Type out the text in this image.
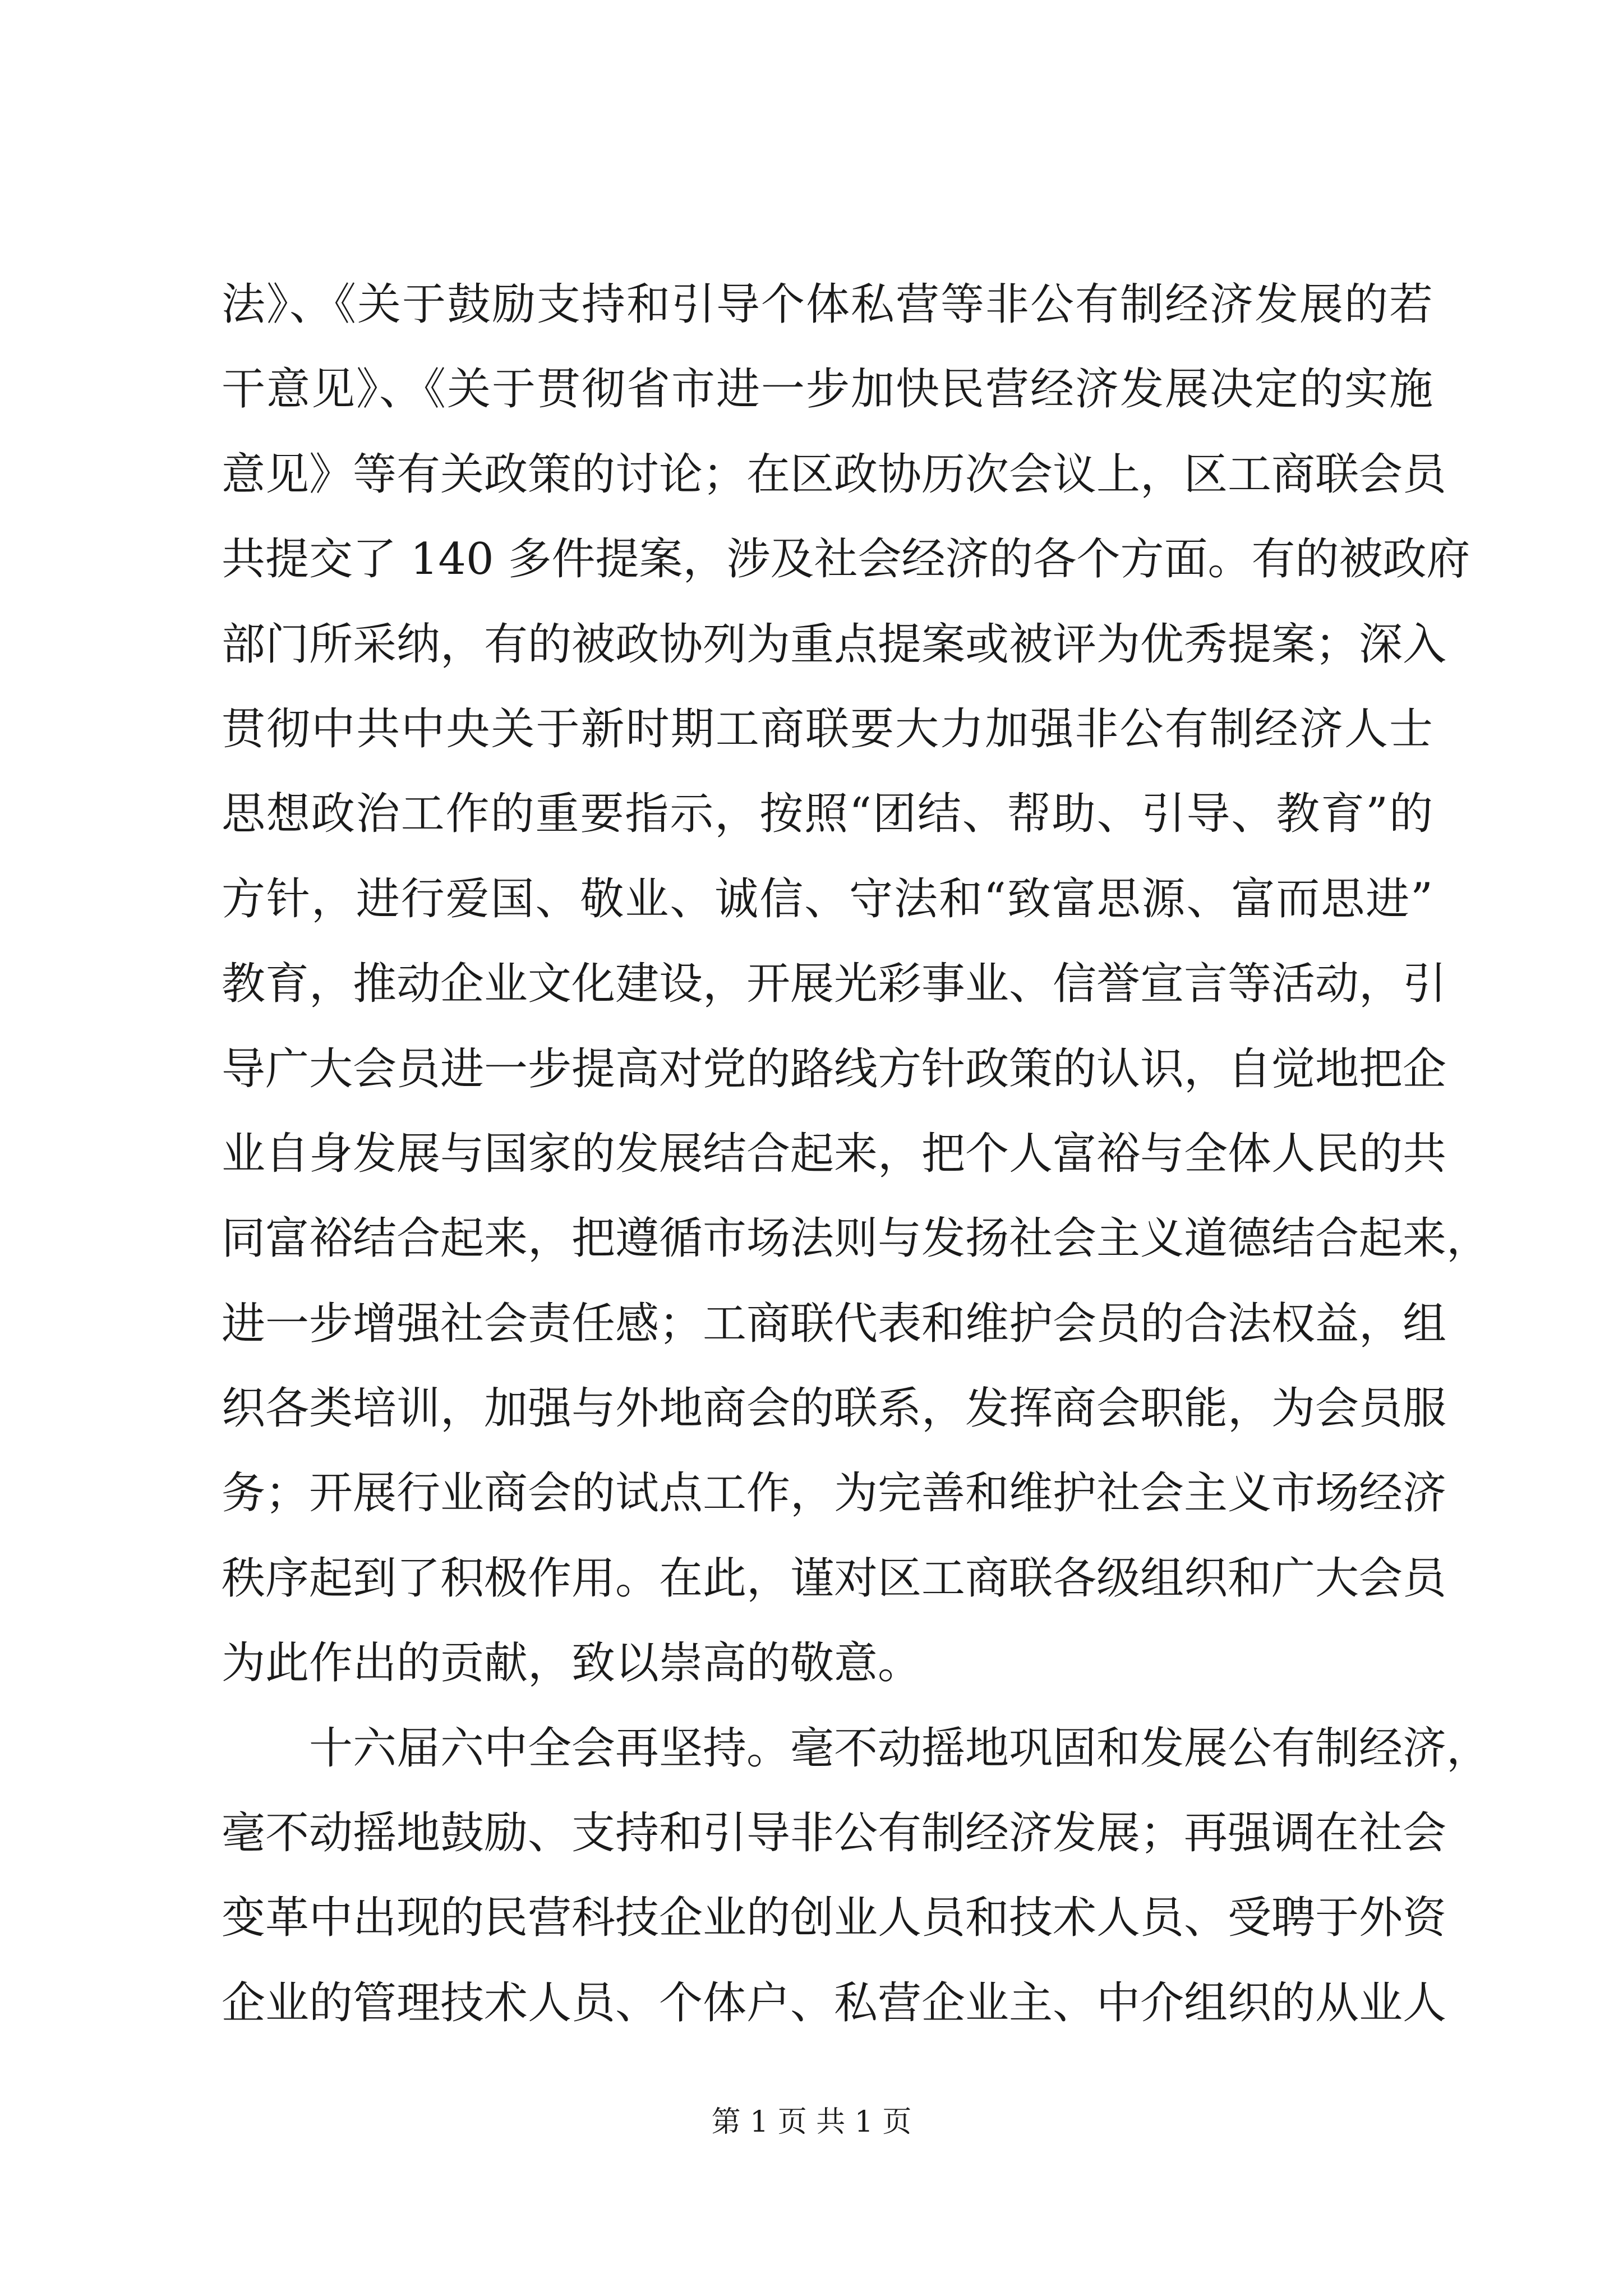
法》、《关于鼓励支持和引导个体私营等非公有制经济发展的若
干意见》、《关于贯彻省市进一步加快民营经济发展决定的实施
意见》等有关政策的讨论；在区政协历次会议上，区工商联会员
共提交了 140 多件提案，涉及社会经济的各个方面。有的被政府
部门所采纳，有的被政协列为重点提案或被评为优秀提案；深入
贯彻中共中央关于新时期工商联要大力加强非公有制经济人士
思想政治工作的重要指示，按照“团结、帮助、引导、教育”的
方针，进行爱国、敬业、诚信、守法和“致富思源、富而思进”
教育，推动企业文化建设，开展光彩事业、信誉宣言等活动，引
导广大会员进一步提高对党的路线方针政策的认识，自觉地把企
业自身发展与国家的发展结合起来，把个人富裕与全体人民的共
同富裕结合起来，把遵循市场法则与发扬社会主义道德结合起来，
进一步增强社会责任感；工商联代表和维护会员的合法权益，组
织各类培训，加强与外地商会的联系，发挥商会职能，为会员服
务；开展行业商会的试点工作，为完善和维护社会主义市场经济
秩序起到了积极作用。在此，谨对区工商联各级组织和广大会员
为此作出的贡献，致以崇高的敬意。
十六届六中全会再坚持。毫不动摇地巩固和发展公有制经济，
毫不动摇地鼓励、支持和引导非公有制经济发展；再强调在社会
变革中出现的民营科技企业的创业人员和技术人员、受聘于外资
企业的管理技术人员、个体户、私营企业主、中介组织的从业人
第 1 页 共 1 页
